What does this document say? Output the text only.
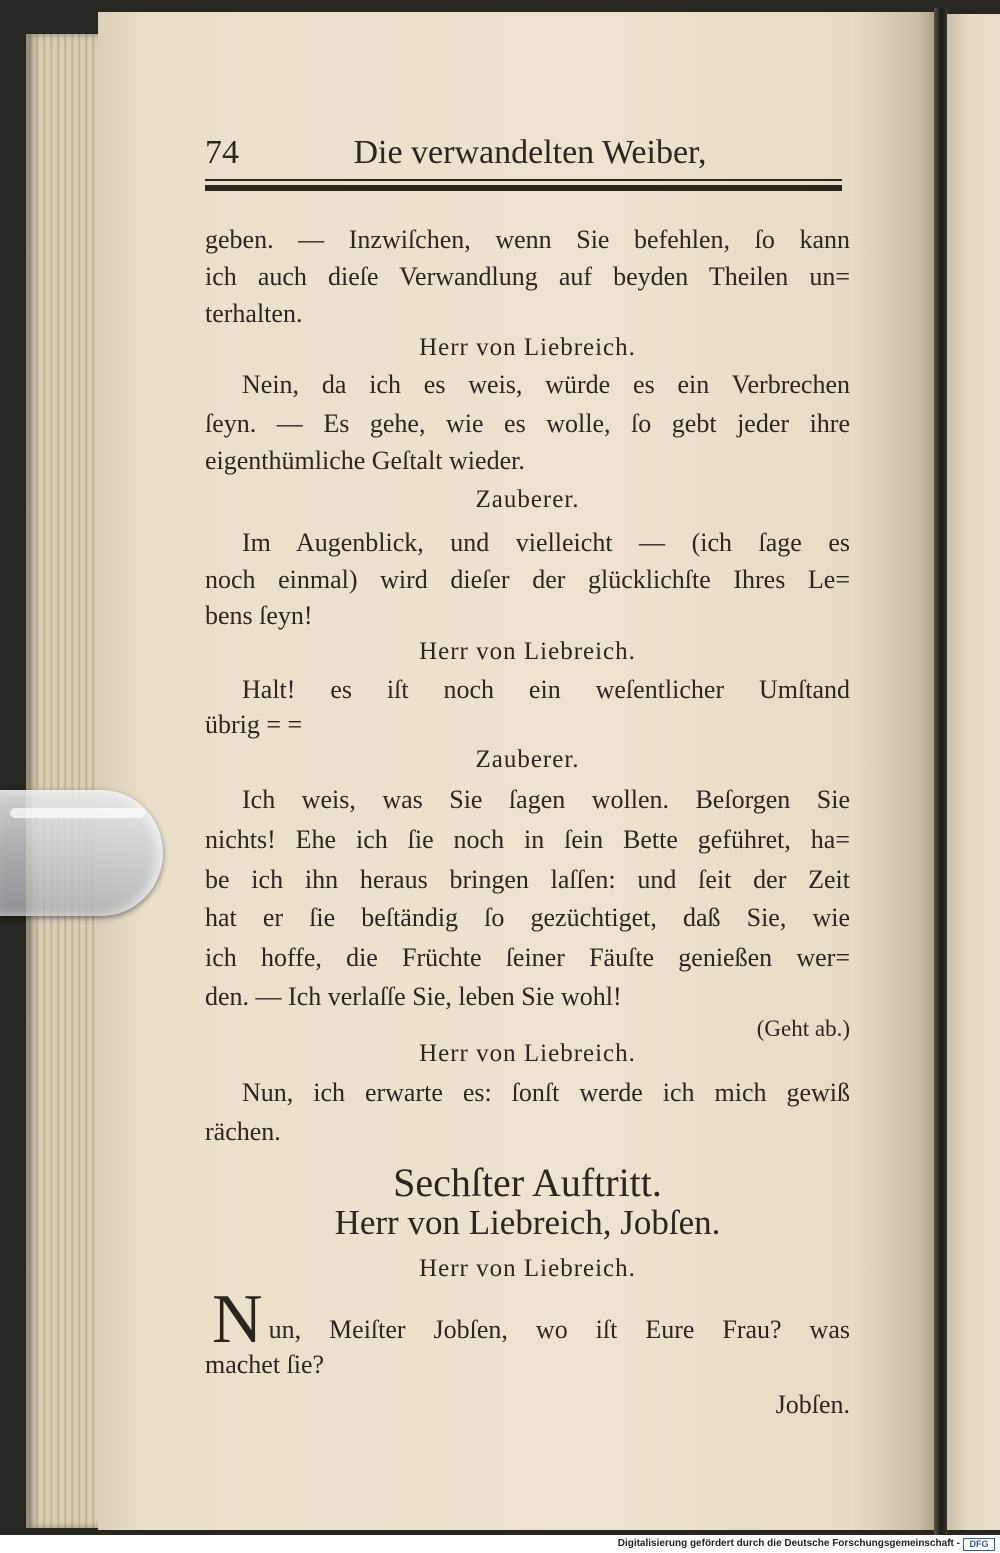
74	Die verwandelten Weiber,
geben. — Inzwiſchen, wenn Sie befehlen, ſo kann
ich auch dieſe Verwandlung auf beyden Theilen un=
terhalten.
Herr von Liebreich.
Nein, da ich es weis, würde es ein Verbrechen
ſeyn. — Es gehe, wie es wolle, ſo gebt jeder ihre
eigenthümliche Geſtalt wieder.
Zauberer.
Im Augenblick, und vielleicht — (ich ſage es
noch einmal) wird dieſer der glücklichſte Ihres Le=
bens ſeyn!
Herr von Liebreich.
Halt! es iſt noch ein weſentlicher Umſtand
übrig = =
Zauberer.
Ich weis, was Sie ſagen wollen. Beſorgen Sie
nichts! Ehe ich ſie noch in ſein Bette geführet, ha=
be ich ihn heraus bringen laſſen: und ſeit der Zeit
hat er ſie beſtändig ſo gezüchtiget, daß Sie, wie
ich hoffe, die Früchte ſeiner Fäuſte genießen wer=
den. — Ich verlaſſe Sie, leben Sie wohl!
(Geht ab.)
Herr von Liebreich.
Nun, ich erwarte es: ſonſt werde ich mich gewiß
rächen.
Sechſter Auftritt.
Herr von Liebreich, Jobſen.
Herr von Liebreich.
Nun, Meiſter Jobſen, wo iſt Eure Frau? was
machet ſie?
Jobſen.
Digitalisierung gefördert durch die Deutsche Forschungsgemeinschaft -	DFG
